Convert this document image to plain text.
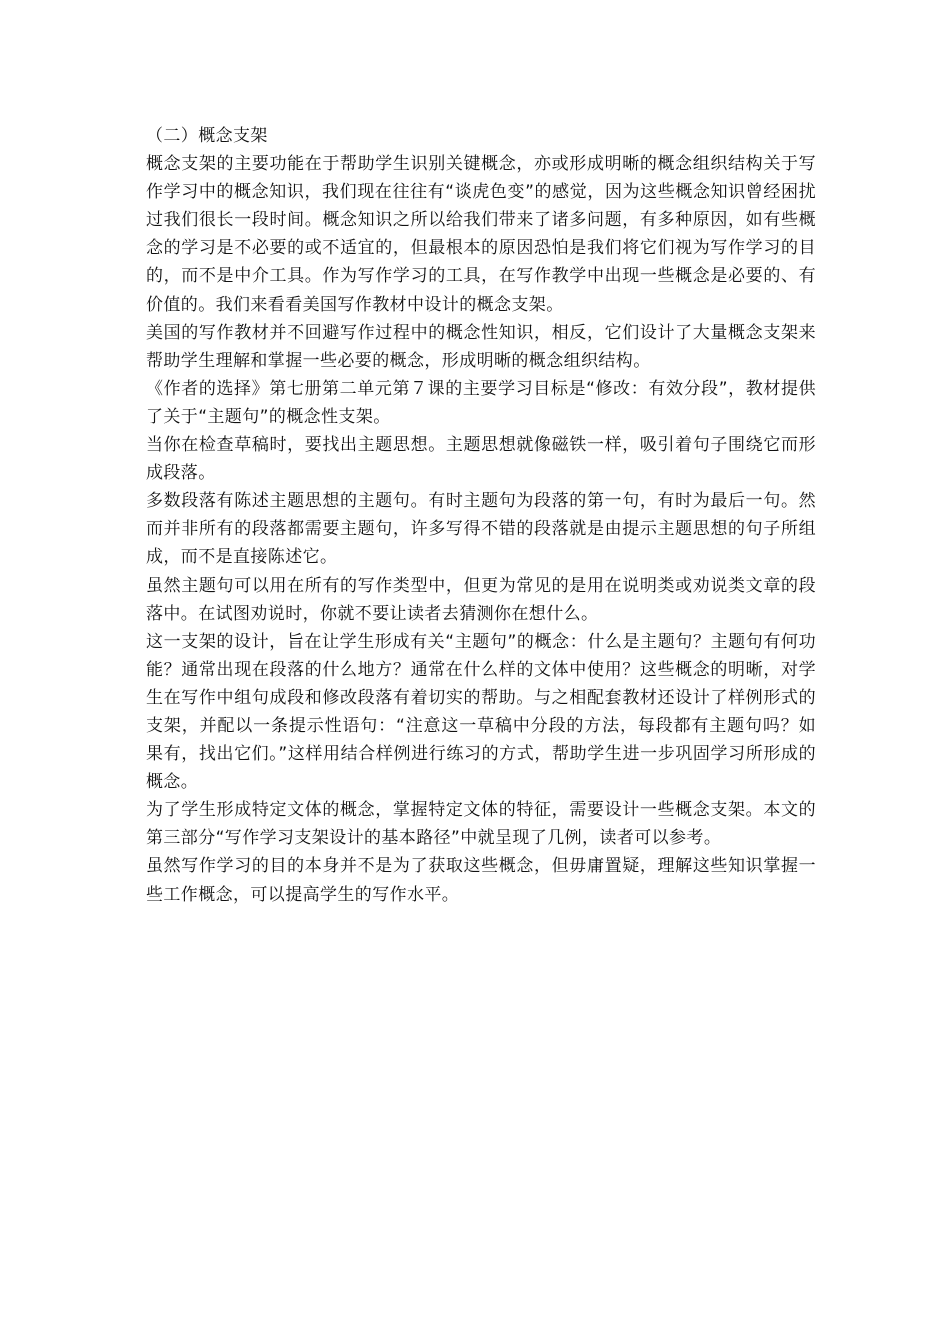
（二）概念支架

概念支架的主要功能在于帮助学生识别关键概念，亦或形成明晰的概念组织结构关于写作学习中的概念知识，我们现在往往有“谈虎色变”的感觉，因为这些概念知识曾经困扰过我们很长一段时间。概念知识之所以给我们带来了诸多问题，有多种原因，如有些概念的学习是不必要的或不适宜的，但最根本的原因恐怕是我们将它们视为写作学习的目的，而不是中介工具。作为写作学习的工具，在写作教学中出现一些概念是必要的、有价值的。我们来看看美国写作教材中设计的概念支架。

美国的写作教材并不回避写作过程中的概念性知识，相反，它们设计了大量概念支架来帮助学生理解和掌握一些必要的概念，形成明晰的概念组织结构。

《作者的选择》第七册第二单元第７课的主要学习目标是“修改：有效分段”，教材提供了关于“主题句”的概念性支架。

当你在检查草稿时，要找出主题思想。主题思想就像磁铁一样，吸引着句子围绕它而形成段落。

多数段落有陈述主题思想的主题句。有时主题句为段落的第一句，有时为最后一句。然而并非所有的段落都需要主题句，许多写得不错的段落就是由提示主题思想的句子所组成，而不是直接陈述它。

虽然主题句可以用在所有的写作类型中，但更为常见的是用在说明类或劝说类文章的段落中。在试图劝说时，你就不要让读者去猜测你在想什么。

这一支架的设计，旨在让学生形成有关“主题句”的概念：什么是主题句？主题句有何功能？通常出现在段落的什么地方？通常在什么样的文体中使用？这些概念的明晰，对学生在写作中组句成段和修改段落有着切实的帮助。与之相配套教材还设计了样例形式的支架，并配以一条提示性语句：“注意这一草稿中分段的方法，每段都有主题句吗？如果有，找出它们。”这样用结合样例进行练习的方式，帮助学生进一步巩固学习所形成的概念。

为了学生形成特定文体的概念，掌握特定文体的特征，需要设计一些概念支架。本文的第三部分“写作学习支架设计的基本路径”中就呈现了几例，读者可以参考。

虽然写作学习的目的本身并不是为了获取这些概念，但毋庸置疑，理解这些知识掌握一些工作概念，可以提高学生的写作水平。
